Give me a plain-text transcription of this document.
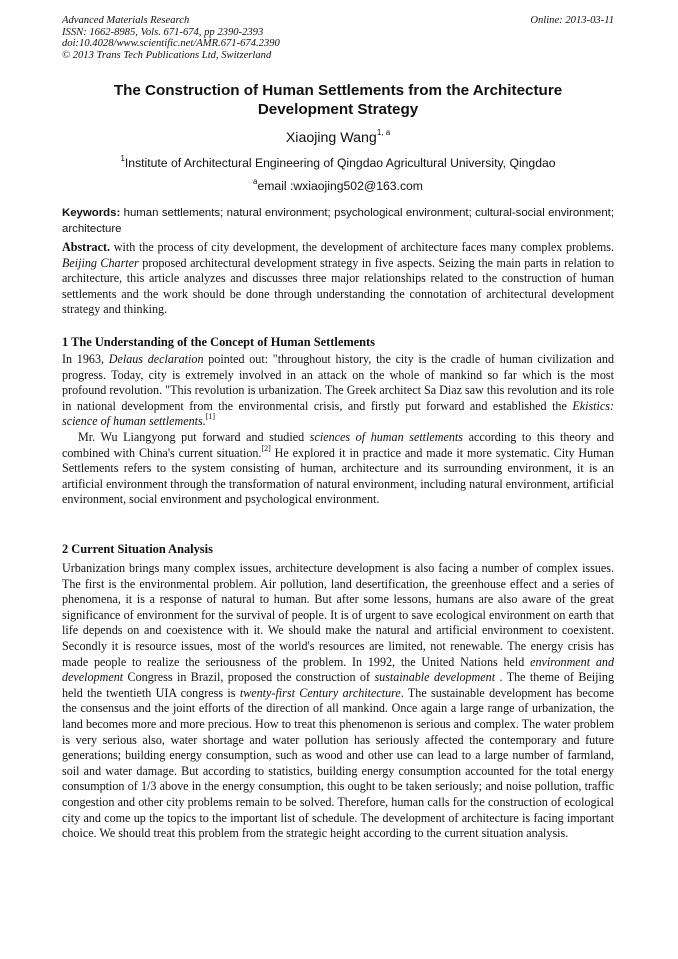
Advanced Materials Research
ISSN: 1662-8985, Vols. 671-674, pp 2390-2393
doi:10.4028/www.scientific.net/AMR.671-674.2390
© 2013 Trans Tech Publications Ltd, Switzerland
Online: 2013-03-11
The Construction of Human Settlements from the Architecture
Development Strategy
Xiaojing Wang$^{1, a}$
$^1$Institute of Architectural Engineering of Qingdao Agricultural University, Qingdao
$^a$email :wxiaojing502@163.com
Keywords: human settlements; natural environment; psychological environment; cultural-social environment; architecture
Abstract. with the process of city development, the development of architecture faces many complex problems. Beijing Charter proposed architectural development strategy in five aspects. Seizing the main parts in relation to architecture, this article analyzes and discusses three major relationships related to the construction of human settlements and the work should be done through understanding the connotation of architectural development strategy and thinking.
1 The Understanding of the Concept of Human Settlements

In 1963, Delaus declaration pointed out: "throughout history, the city is the cradle of human civilization and progress. Today, city is extremely involved in an attack on the whole of mankind so far which is the most profound revolution. "This revolution is urbanization. The Greek architect Sa Diaz saw this revolution and its role in national development from the environmental crisis, and firstly put forward and established the Ekistics: science of human settlements.[1]

Mr. Wu Liangyong put forward and studied sciences of human settlements according to this theory and combined with China's current situation.[2] He explored it in practice and made it more systematic. City Human Settlements refers to the system consisting of human, architecture and its surrounding environment, it is an artificial environment through the transformation of natural environment, including natural environment, artificial environment, social environment and psychological environment.

2 Current Situation Analysis

Urbanization brings many complex issues, architecture development is also facing a number of complex issues. The first is the environmental problem. Air pollution, land desertification, the greenhouse effect and a series of phenomena, it is a response of natural to human. But after some lessons, humans are also aware of the great significance of environment for the survival of people. It is of urgent to save ecological environment on earth that life depends on and coexistence with it. We should make the natural and artificial environment to coexistent. Secondly it is resource issues, most of the world's resources are limited, not renewable. The energy crisis has made people to realize the seriousness of the problem. In 1992, the United Nations held environment and development Congress in Brazil, proposed the construction of sustainable development . The theme of Beijing held the twentieth UIA congress is twenty-first Century architecture. The sustainable development has become the consensus and the joint efforts of the direction of all mankind. Once again a large range of urbanization, the land becomes more and more precious. How to treat this phenomenon is serious and complex. The water problem is very serious also, water shortage and water pollution has seriously affected the contemporary and future generations; building energy consumption, such as wood and other use can lead to a large number of farmland, soil and water damage. But according to statistics, building energy consumption accounted for the total energy consumption of 1/3 above in the energy consumption, this ought to be taken seriously; and noise pollution, traffic congestion and other city problems remain to be solved. Therefore, human calls for the construction of ecological city and come up the topics to the important list of schedule. The development of architecture is facing important choice. We should treat this problem from the strategic height according to the current situation analysis.
